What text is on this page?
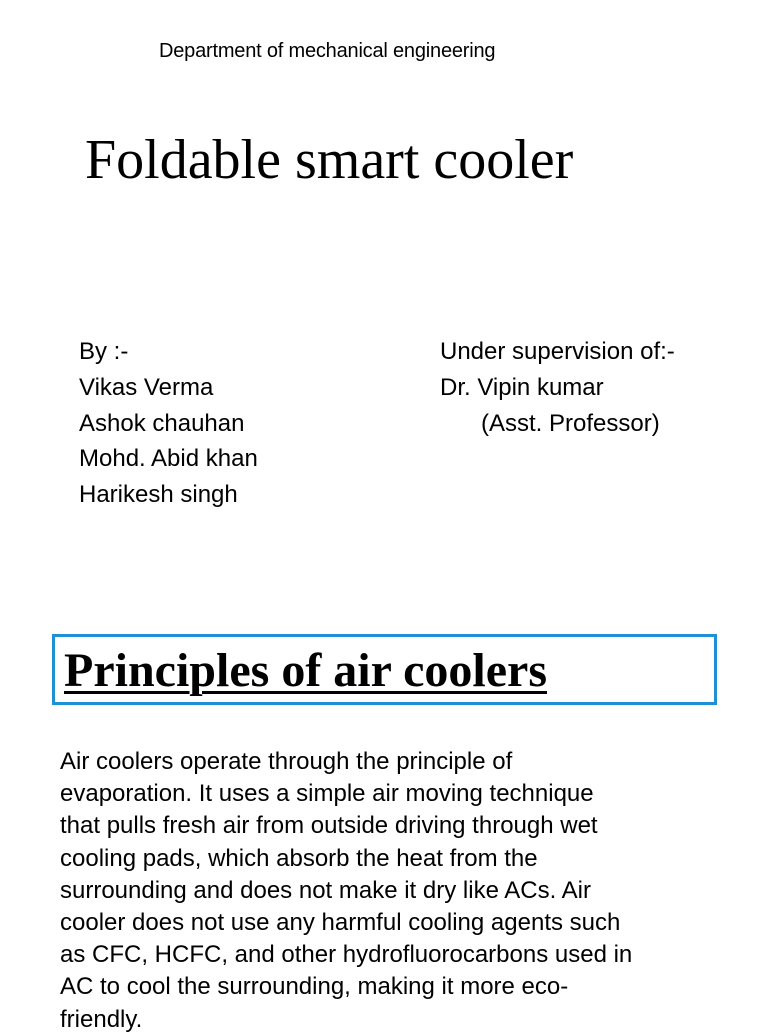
Department of mechanical engineering
Foldable smart cooler
By :-
Vikas Verma
Ashok chauhan
Mohd. Abid khan
Harikesh singh
Under supervision of:-
Dr. Vipin kumar
(Asst. Professor)
Principles of air coolers
Air coolers operate through the principle of
evaporation. It uses a simple air moving technique
that pulls fresh air from outside driving through wet
cooling pads, which absorb the heat from the
surrounding and does not make it dry like ACs. Air
cooler does not use any harmful cooling agents such
as CFC, HCFC, and other hydrofluorocarbons used in
AC to cool the surrounding, making it more eco-
friendly.
